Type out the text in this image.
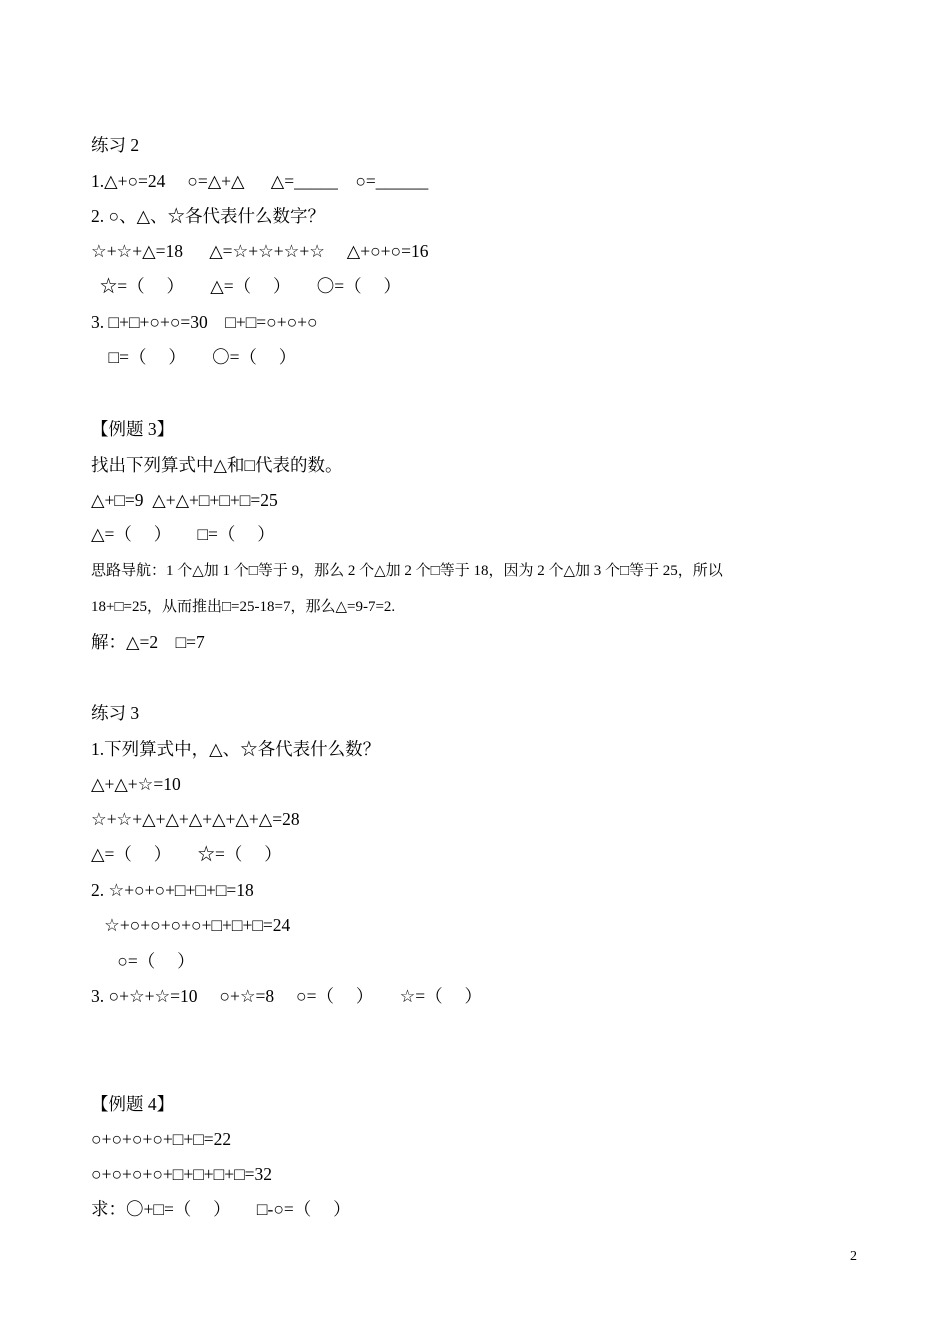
练习 2
1.△+○=24     ○=△+△      △=_____    ○=______
2. ○、△、☆各代表什么数字？
☆+☆+△=18      △=☆+☆+☆+☆     △+○+○=16
☆=（     ）      △=（     ）      〇=（     ）
3. □+□+○+○=30    □+□=○+○+○
□=（     ）      〇=（     ）
【例题 3】
找出下列算式中△和□代表的数。
△+□=9  △+△+□+□+□=25
△=（     ）      □=（     ）
思路导航：1 个△加 1 个□等于 9，那么 2 个△加 2 个□等于 18，因为 2 个△加 3 个□等于 25，所以
18+□=25，从而推出□=25-18=7，那么△=9-7=2.
解：△=2    □=7
练习 3
1.下列算式中，△、☆各代表什么数？
△+△+☆=10
☆+☆+△+△+△+△+△+△=28
△=（     ）      ☆=（     ）
2. ☆+○+○+□+□+□=18
☆+○+○+○+○+□+□+□=24
○=（     ）
3. ○+☆+☆=10     ○+☆=8     ○=（     ）      ☆=（     ）
【例题 4】
○+○+○+○+□+□=22
○+○+○+○+□+□+□+□=32
求：〇+□=（     ）      □-○=（     ）
2
